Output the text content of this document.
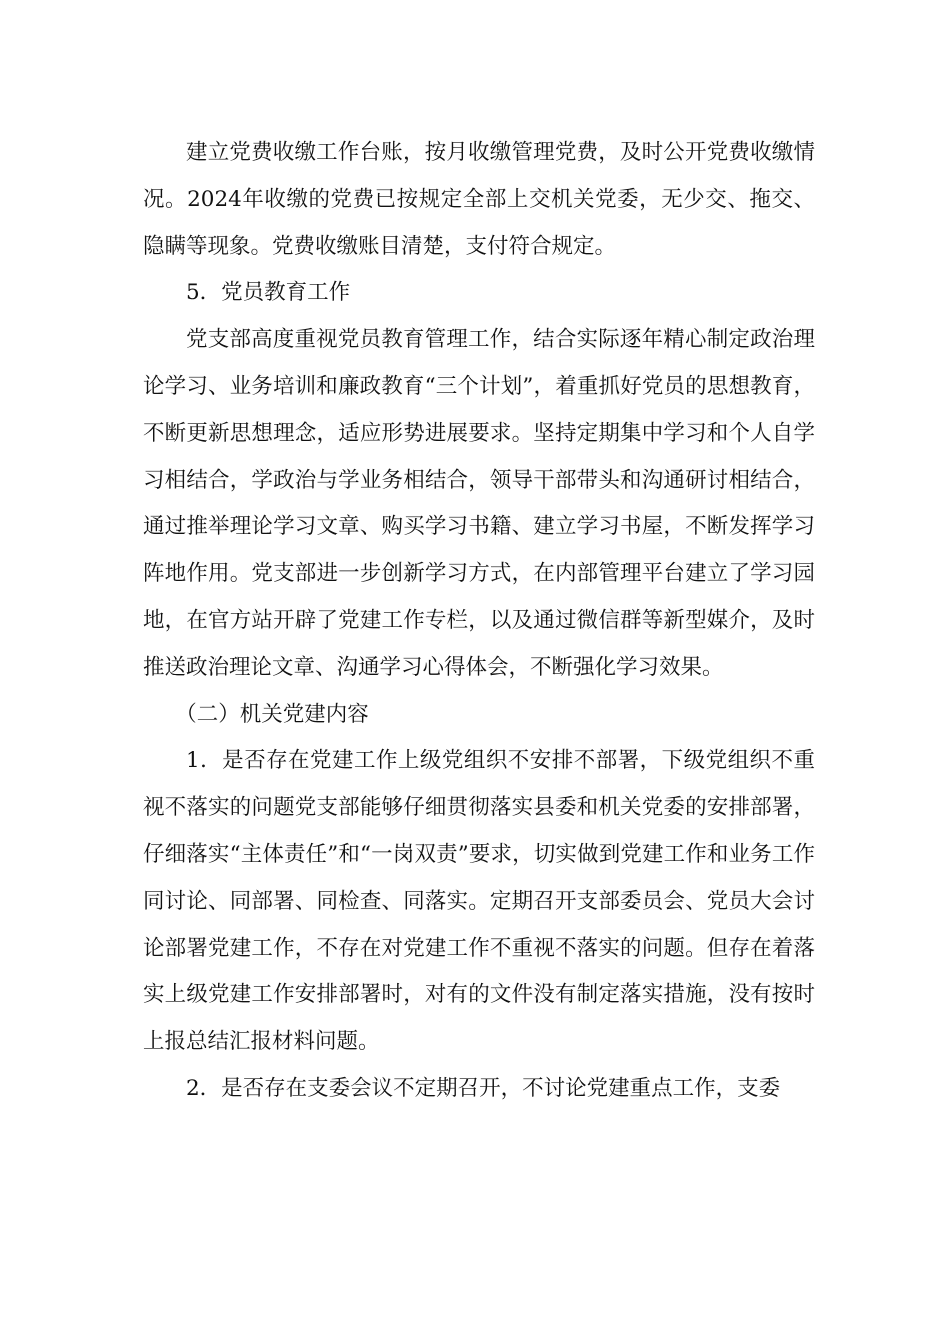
建立党费收缴工作台账，按月收缴管理党费，及时公开党费收缴情况。2024年收缴的党费已按规定全部上交机关党委，无少交、拖交、隐瞒等现象。党费收缴账目清楚，支付符合规定。

5．党员教育工作

党支部高度重视党员教育管理工作，结合实际逐年精心制定政治理论学习、业务培训和廉政教育“三个计划”，着重抓好党员的思想教育，不断更新思想理念，适应形势进展要求。坚持定期集中学习和个人自学习相结合，学政治与学业务相结合，领导干部带头和沟通研讨相结合，通过推举理论学习文章、购买学习书籍、建立学习书屋，不断发挥学习阵地作用。党支部进一步创新学习方式，在内部管理平台建立了学习园地，在官方站开辟了党建工作专栏，以及通过微信群等新型媒介，及时推送政治理论文章、沟通学习心得体会，不断强化学习效果。

（二）机关党建内容

1．是否存在党建工作上级党组织不安排不部署，下级党组织不重视不落实的问题党支部能够仔细贯彻落实县委和机关党委的安排部署，仔细落实“主体责任”和“一岗双责”要求，切实做到党建工作和业务工作同讨论、同部署、同检查、同落实。定期召开支部委员会、党员大会讨论部署党建工作，不存在对党建工作不重视不落实的问题。但存在着落实上级党建工作安排部署时，对有的文件没有制定落实措施，没有按时上报总结汇报材料问题。

2．是否存在支委会议不定期召开，不讨论党建重点工作，支委
